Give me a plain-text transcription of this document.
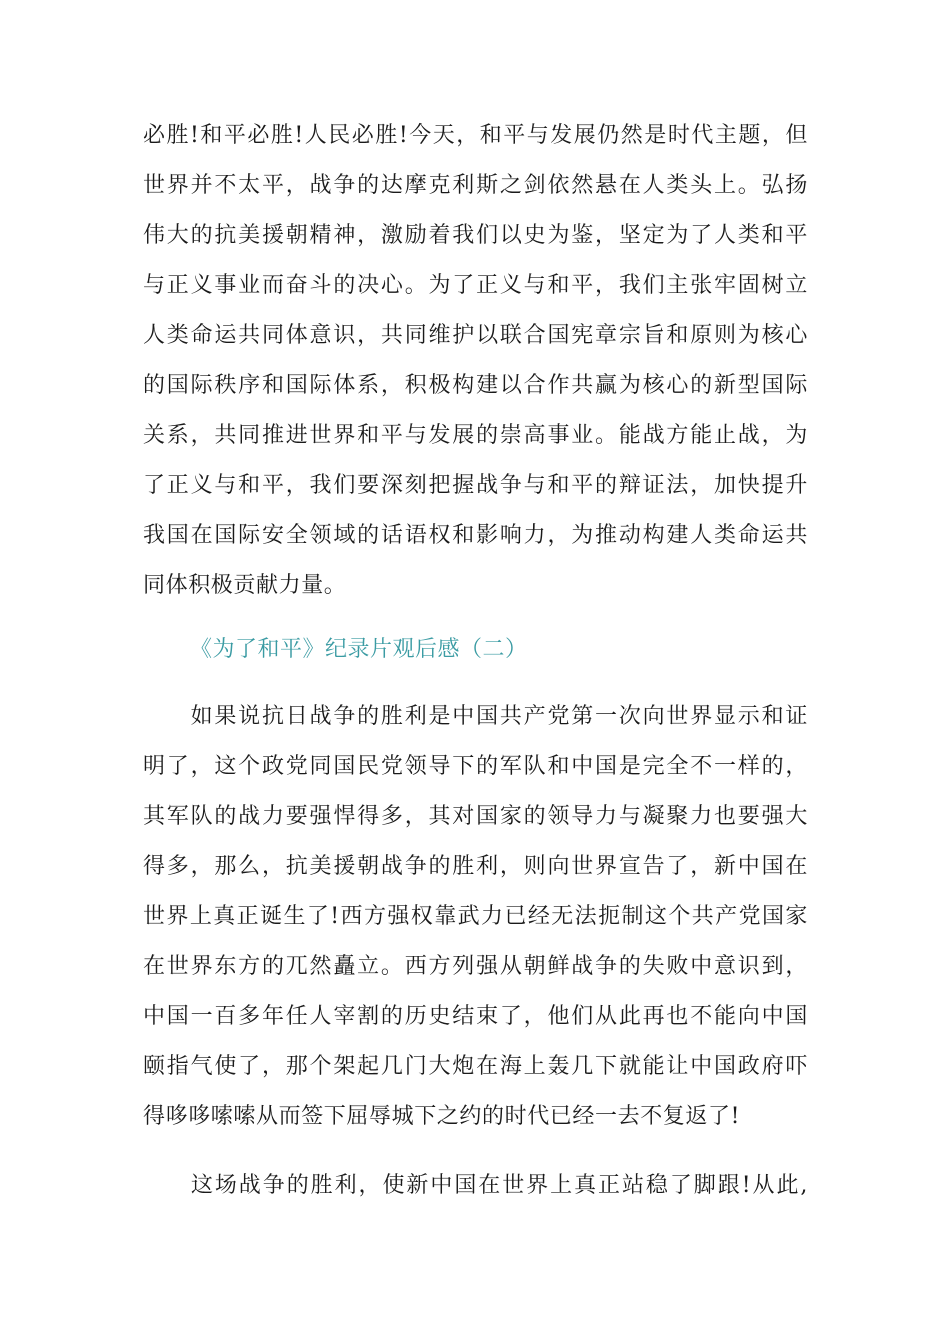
必胜!和平必胜!人民必胜!今天，和平与发展仍然是时代主题，但
世界并不太平，战争的达摩克利斯之剑依然悬在人类头上。弘扬
伟大的抗美援朝精神，激励着我们以史为鉴，坚定为了人类和平
与正义事业而奋斗的决心。为了正义与和平，我们主张牢固树立
人类命运共同体意识，共同维护以联合国宪章宗旨和原则为核心
的国际秩序和国际体系，积极构建以合作共赢为核心的新型国际
关系，共同推进世界和平与发展的崇高事业。能战方能止战，为
了正义与和平，我们要深刻把握战争与和平的辩证法，加快提升
我国在国际安全领域的话语权和影响力，为推动构建人类命运共
同体积极贡献力量。
《为了和平》纪录片观后感（二）
　　如果说抗日战争的胜利是中国共产党第一次向世界显示和证
明了，这个政党同国民党领导下的军队和中国是完全不一样的，
其军队的战力要强悍得多，其对国家的领导力与凝聚力也要强大
得多，那么，抗美援朝战争的胜利，则向世界宣告了，新中国在
世界上真正诞生了!西方强权靠武力已经无法扼制这个共产党国家
在世界东方的兀然矗立。西方列强从朝鲜战争的失败中意识到，
中国一百多年任人宰割的历史结束了，他们从此再也不能向中国
颐指气使了，那个架起几门大炮在海上轰几下就能让中国政府吓
得哆哆嗦嗦从而签下屈辱城下之约的时代已经一去不复返了!
　　这场战争的胜利，使新中国在世界上真正站稳了脚跟!从此,
